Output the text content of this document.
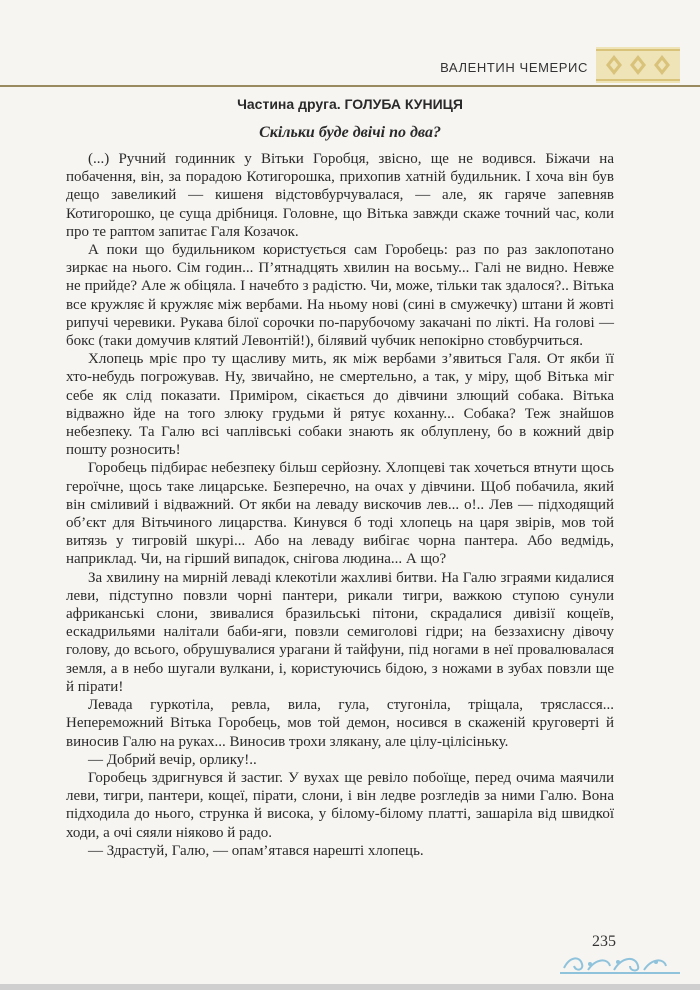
ВАЛЕНТИН ЧЕМЕРИС
Частина друга. ГОЛУБА КУНИЦЯ
Скільки буде двічі по два?

(...) Ручний годинник у Вітьки Горобця, звісно, ще не водився. Біжачи на побачення, він, за порадою Котигорошка, прихопив хатній будильник. І хоча він був дещо завеликий — кишеня відстовбурчувалася, — але, як гаряче запевняв Котигорошко, це суща дрібниця. Головне, що Вітька завжди скаже точний час, коли про те раптом запитає Галя Козачок.

А поки що будильником користується сам Горобець: раз по раз заклопотано зиркає на нього. Сім годин... П’ятнадцять хвилин на восьму... Галі не видно. Невже не прийде? Але ж обіцяла. І начебто з радістю. Чи, може, тільки так здалося?.. Вітька все кружляє й кружляє між вербами. На ньому нові (сині в смужечку) штани й жовті рипучі черевики. Рукава білої сорочки по-парубочому закачані по лікті. На голові — бокс (таки домучив клятий Левонтій!), білявий чубчик непокірно стовбурчиться.

Хлопець мріє про ту щасливу мить, як між вербами з’явиться Галя. От якби її хто-небудь погрожував. Ну, звичайно, не смертельно, а так, у міру, щоб Вітька міг себе як слід показати. Приміром, сікається до дівчини злющий собака. Вітька відважно йде на того злюку грудьми й рятує коханну... Собака? Теж знайшов небезпеку. Та Галю всі чаплівські собаки знають як облуплену, бо в кожний двір пошту розносить!

Горобець підбирає небезпеку більш серйозну. Хлопцеві так хочеться втнути щось героїчне, щось таке лицарське. Безперечно, на очах у дівчини. Щоб побачила, який він сміливий і відважний. От якби на леваду вискочив лев... о!.. Лев — підходящий об’єкт для Вітьчиного лицарства. Кинувся б тоді хлопець на царя звірів, мов той витязь у тигровій шкурі... Або на леваду вибігає чорна пантера. Або ведмідь, наприклад. Чи, на гірший випадок, снігова людина... А що?

За хвилину на мирній леваді клекотіли жахливі битви. На Галю зграями кидалися леви, підступно повзли чорні пантери, рикали тигри, важкою ступою сунули африканські слони, звивалися бразильські пітони, скрадалися дивізії кощеїв, ескадрильями налітали баби-яги, повзли семиголові гідри; на беззахисну дівочу голову, до всього, обрушувалися урагани й тайфуни, під ногами в неї провалювалася земля, а в небо шугали вулкани, і, користуючись бідою, з ножами в зубах повзли ще й пірати!

Левада гуркотіла, ревла, вила, гула, стугоніла, тріщала, трясласся... Непереможний Вітька Горобець, мов той демон, носився в скаженій круговерті й виносив Галю на руках... Виносив трохи злякану, але цілу-цілісіньку.

— Добрий вечір, орлику!..

Горобець здригнувся й застиг. У вухах ще ревіло побоїще, перед очима маячили леви, тигри, пантери, кощеї, пірати, слони, і він ледве розгледів за ними Галю. Вона підходила до нього, струнка й висока, у білому-білому платті, зашарілa від швидкої ходи, а очі сяяли ніяково й радо.

— Здрастуй, Галю, — опам’ятався нарешті хлопець.

235
